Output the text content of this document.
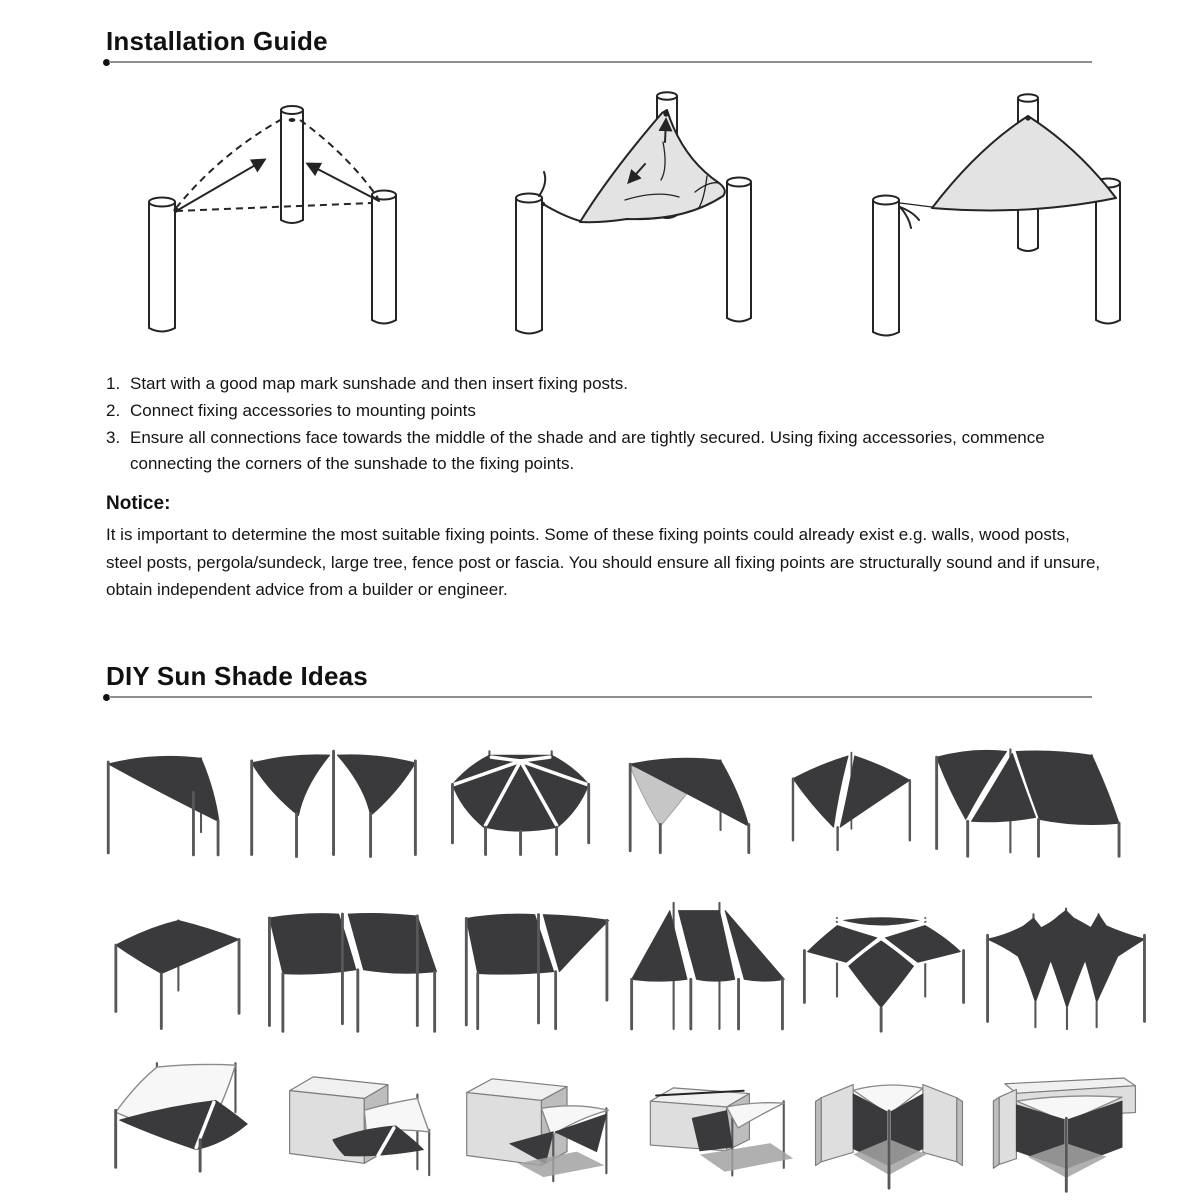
Installation Guide
1. Start with a good map mark sunshade and then insert fixing posts.
2. Connect fixing accessories to mounting points
3. Ensure all connections face towards the middle of the shade and are tightly secured. Using fixing accessories, commence connecting the corners of the sunshade to the fixing points.
Notice:
It is important to determine the most suitable fixing points. Some of these fixing points could already exist e.g. walls, wood posts, steel posts, pergola/sundeck, large tree, fence post or fascia. You should ensure all fixing points are structurally sound and if unsure, obtain independent advice from a builder or engineer.
DIY Sun Shade Ideas
